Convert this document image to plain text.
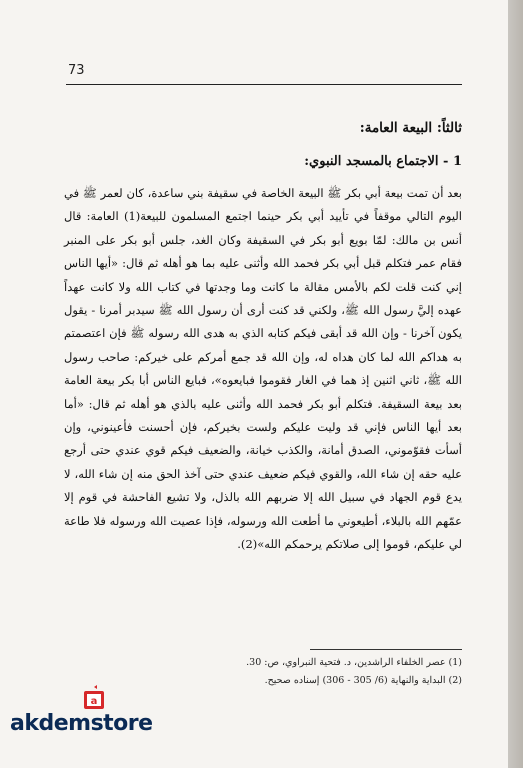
73
ثالثاً: البيعة العامة:
1 - الاجتماع بالمسجد النبوي:

بعد أن تمت بيعة أبي بكر ﷺ البيعة الخاصة في سقيفة بني ساعدة، كان لعمر ﷺ في اليوم التالي موقفاً في تأييد أبي بكر حينما اجتمع المسلمون للبيعة(1) العامة: قال أنس بن مالك: لمّا بويع أبو بكر في السقيفة وكان الغد، جلس أبو بكر على المنبر فقام عمر فتكلم قبل أبي بكر فحمد الله وأثنى عليه بما هو أهله ثم قال: «أيها الناس إني كنت قلت لكم بالأمس مقالة ما كانت وما وجدتها في كتاب الله ولا كانت عهداً عهده إليَّ رسول الله ﷺ، ولكني قد كنت أرى أن رسول الله ﷺ سيدبر أمرنا - يقول يكون آخرنا - وإن الله قد أبقى فيكم كتابه الذي به هدى الله رسوله ﷺ فإن اعتصمتم به هداكم الله لما كان هداه له، وإن الله قد جمع أمركم على خيركم: صاحب رسول الله ﷺ، ثاني اثنين إذ هما في الغار فقوموا فبايعوه»، فبايع الناس أبا بكر بيعة العامة بعد بيعة السقيفة. فتكلم أبو بكر فحمد الله وأثنى عليه بالذي هو أهله ثم قال: «أما بعد أيها الناس فإني قد وليت عليكم ولست بخيركم، فإن أحسنت فأعينوني، وإن أسأت فقوّموني، الصدق أمانة، والكذب خيانة، والضعيف فيكم قوي عندي حتى أرجع عليه حقه إن شاء الله، والقوي فيكم ضعيف عندي حتى آخذ الحق منه إن شاء الله، لا يدع قوم الجهاد في سبيل الله إلا ضربهم الله بالذل، ولا تشيع الفاحشة في قوم إلا عمّهم الله بالبلاء، أطيعوني ما أطعت الله ورسوله، فإذا عصيت الله ورسوله فلا طاعة لي عليكم، قوموا إلى صلاتكم يرحمكم الله»(2).

(1) عصر الخلفاء الراشدين، د. فتحية النبراوي، ص: 30.
(2) البداية والنهاية (6/ 305 - 306) إسناده صحيح.
a
akdemstore
